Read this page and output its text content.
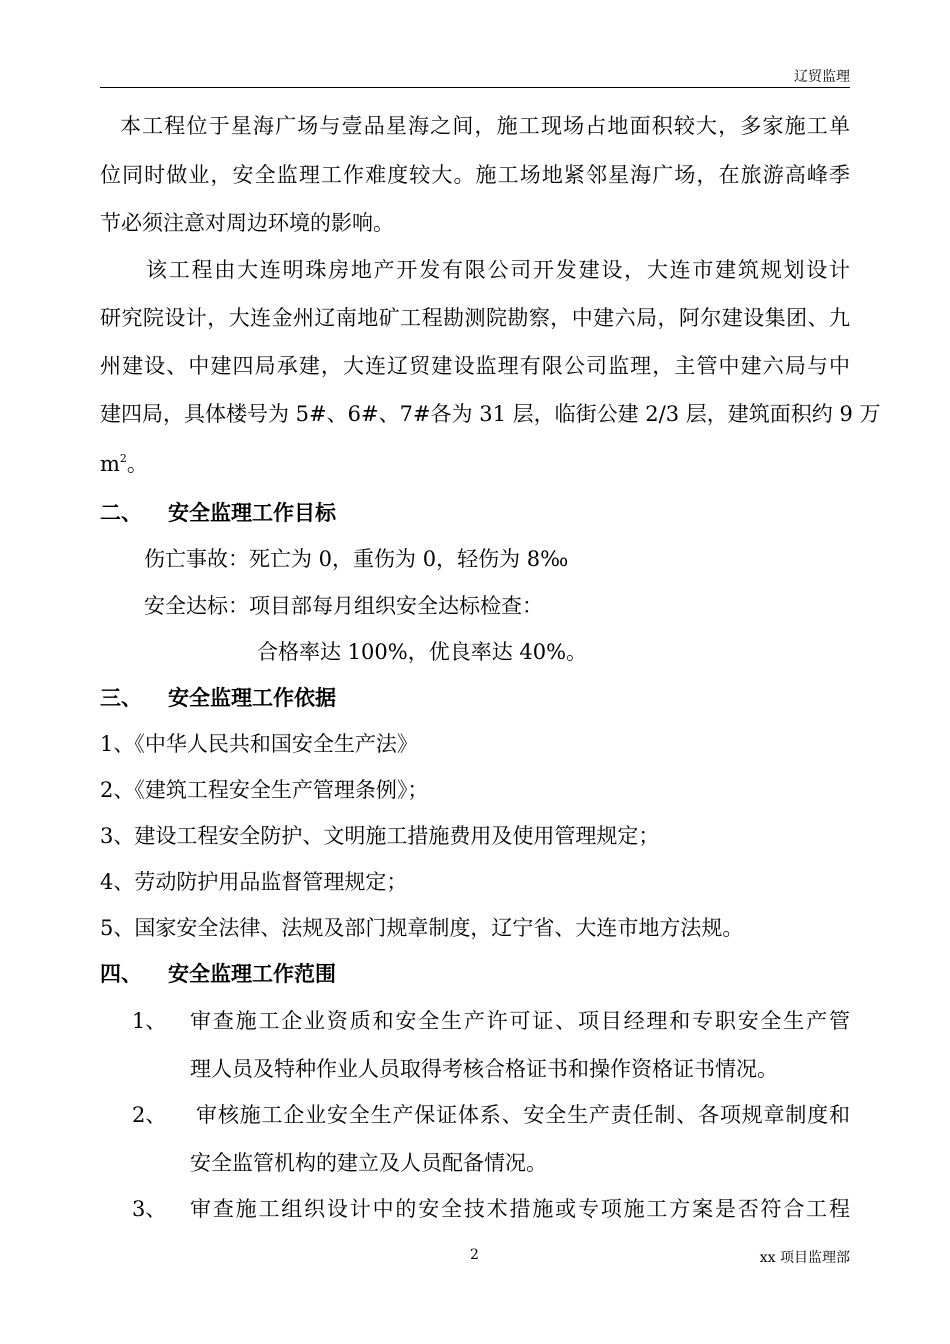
辽贸监理
本工程位于星海广场与壹品星海之间，施工现场占地面积较大，多家施工单
位同时做业，安全监理工作难度较大。施工场地紧邻星海广场，在旅游高峰季
节必须注意对周边环境的影响。
该工程由大连明珠房地产开发有限公司开发建设，大连市建筑规划设计
研究院设计，大连金州辽南地矿工程勘测院勘察，中建六局，阿尔建设集团、九
州建设、中建四局承建，大连辽贸建设监理有限公司监理，主管中建六局与中
建四局，具体楼号为 5#、6#、7#各为 31 层，临街公建 2/3 层，建筑面积约 9 万
$m^2$。
二、 安全监理工作目标
伤亡事故：死亡为 0，重伤为 0，轻伤为 8‰
安全达标：项目部每月组织安全达标检查：
合格率达 100%，优良率达 40%。
三、 安全监理工作依据
1、《中华人民共和国安全生产法》
2、《建筑工程安全生产管理条例》；
3、建设工程安全防护、文明施工措施费用及使用管理规定；
4、劳动防护用品监督管理规定；
5、国家安全法律、法规及部门规章制度，辽宁省、大连市地方法规。
四、 安全监理工作范围
1、 审查施工企业资质和安全生产许可证、项目经理和专职安全生产管
理人员及特种作业人员取得考核合格证书和操作资格证书情况。
2、 审核施工企业安全生产保证体系、安全生产责任制、各项规章制度和
安全监管机构的建立及人员配备情况。
3、 审查施工组织设计中的安全技术措施或专项施工方案是否符合工程
2	xx 项目监理部
